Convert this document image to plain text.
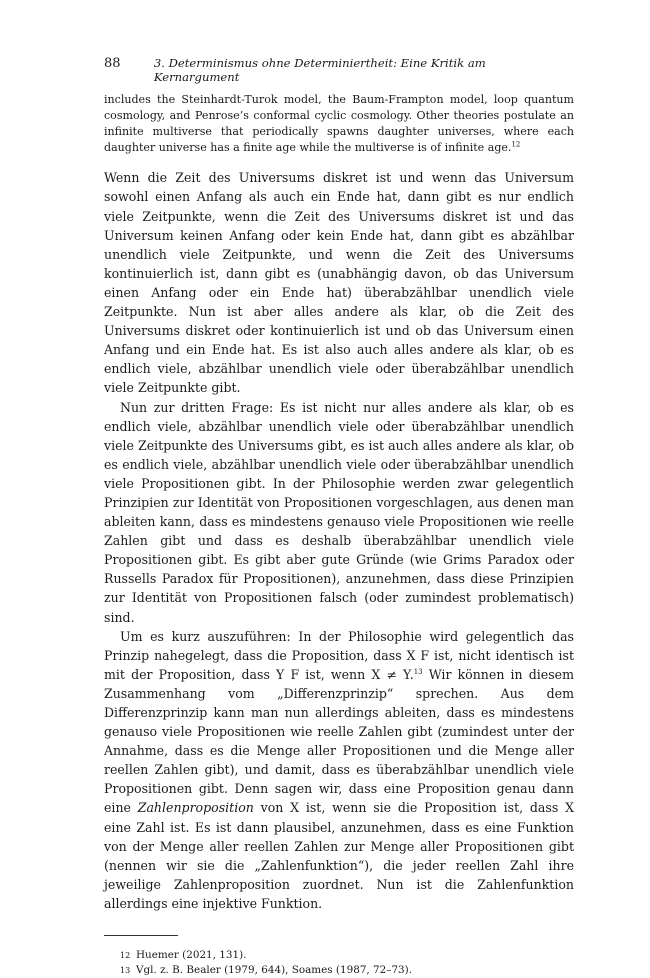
88	3. Determinismus ohne Determiniertheit: Eine Kritik am Kernargument
includes the Steinhardt-Turok model, the Baum-Frampton model, loop quantum cosmology, and Penrose’s conformal cyclic cosmology. Other theories postulate an infinite multiverse that periodically spawns daughter universes, where each daughter universe has a finite age while the multiverse is of infinite age.$^{12}$

Wenn die Zeit des Universums diskret ist und wenn das Universum sowohl einen Anfang als auch ein Ende hat, dann gibt es nur endlich viele Zeitpunkte, wenn die Zeit des Universums diskret ist und das Universum keinen Anfang oder kein Ende hat, dann gibt es abzählbar unendlich viele Zeitpunkte, und wenn die Zeit des Universums kontinuierlich ist, dann gibt es (unabhängig davon, ob das Universum einen Anfang oder ein Ende hat) überabzählbar unendlich viele Zeitpunkte. Nun ist aber alles andere als klar, ob die Zeit des Universums diskret oder kontinuierlich ist und ob das Universum einen Anfang und ein Ende hat. Es ist also auch alles andere als klar, ob es endlich viele, abzählbar unendlich viele oder überabzählbar unendlich viele Zeitpunkte gibt.

Nun zur dritten Frage: Es ist nicht nur alles andere als klar, ob es endlich viele, abzählbar unendlich viele oder überabzählbar unendlich viele Zeitpunkte des Universums gibt, es ist auch alles andere als klar, ob es endlich viele, abzählbar unendlich viele oder überabzählbar unendlich viele Propositionen gibt. In der Philosophie werden zwar gelegentlich Prinzipien zur Identität von Propositionen vorgeschlagen, aus denen man ableiten kann, dass es mindestens genauso viele Propositionen wie reelle Zahlen gibt und dass es deshalb überabzählbar unendlich viele Propositionen gibt. Es gibt aber gute Gründe (wie Grims Paradox oder Russells Paradox für Propositionen), anzunehmen, dass diese Prinzipien zur Identität von Propositionen falsch (oder zumindest problematisch) sind.

Um es kurz auszuführen: In der Philosophie wird gelegentlich das Prinzip nahegelegt, dass die Proposition, dass X F ist, nicht identisch ist mit der Proposition, dass Y F ist, wenn X ≠ Y.$^{13}$ Wir können in diesem Zusammenhang vom „Differenzprinzip“ sprechen. Aus dem Differenzprinzip kann man nun allerdings ableiten, dass es mindestens genauso viele Propositionen wie reelle Zahlen gibt (zumindest unter der Annahme, dass es die Menge aller Propositionen und die Menge aller reellen Zahlen gibt), und damit, dass es überabzählbar unendlich viele Propositionen gibt. Denn sagen wir, dass eine Proposition genau dann eine Zahlenproposition von X ist, wenn sie die Proposition ist, dass X eine Zahl ist. Es ist dann plausibel, anzunehmen, dass es eine Funktion von der Menge aller reellen Zahlen zur Menge aller Propositionen gibt (nennen wir sie die „Zahlenfunktion“), die jeder reellen Zahl ihre jeweilige Zahlenproposition zuordnet. Nun ist die Zahlenfunktion allerdings eine injektive Funktion.

12 Huemer (2021, 131).
13 Vgl. z. B. Bealer (1979, 644), Soames (1987, 72–73).
